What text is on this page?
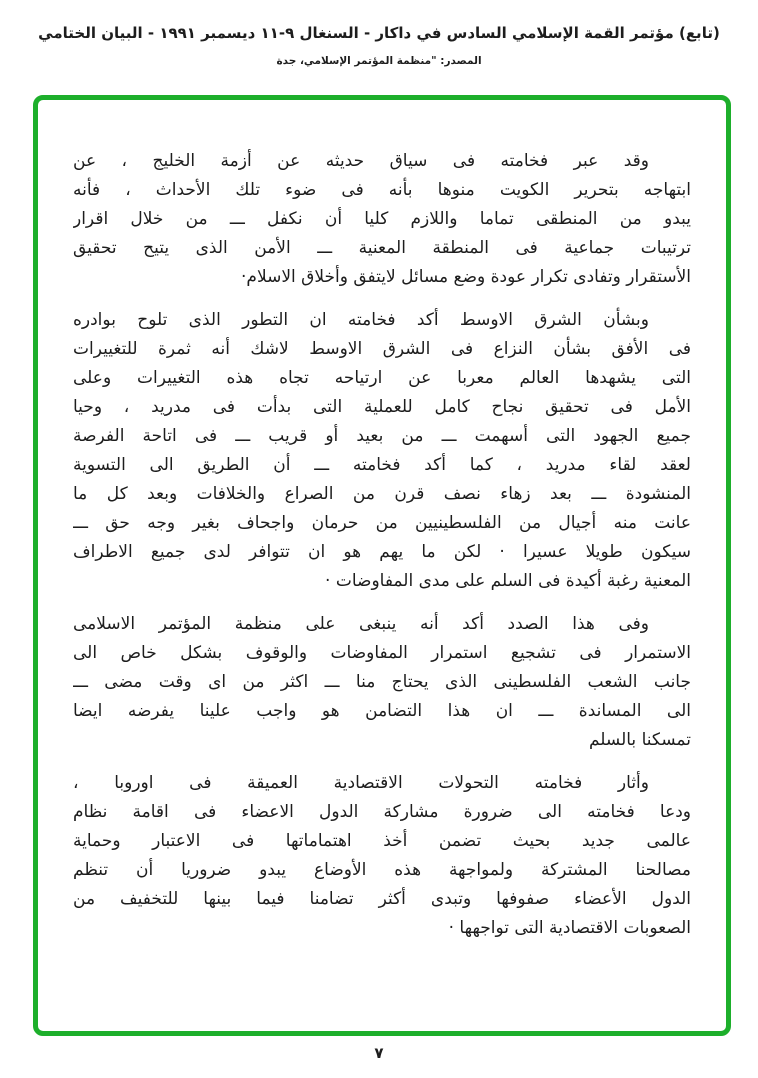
(تابع) مؤتمر القمة الإسلامي السادس في داكار - السنغال ٩-١١ ديسمبر ١٩٩١ - البيان الختامي
المصدر: "منظمة المؤتمر الإسلامي، جدة
وقد عبر فخامته فى سياق حديثه عن أزمة الخليج ، عن
ابتهاجه بتحرير الكويت منوها بأنه فى ضوء تلك الأحداث ، فأنه
يبدو من المنطقى تماما واللازم كليا أن نكفل ـــ من خلال اقرار
ترتيبات جماعية فى المنطقة المعنية ـــ الأمن الذى يتيح تحقيق
الأستقرار وتفادى تكرار عودة وضع مسائل لايتفق وأخلاق الاسلام·
وبشأن الشرق الاوسط أكد فخامته ان التطور الذى تلوح بوادره
فى الأفق بشأن النزاع فى الشرق الاوسط لاشك أنه ثمرة للتغييرات
التى يشهدها العالم معربا عن ارتياحه تجاه هذه التغييرات وعلى
الأمل فى تحقيق نجاح كامل للعملية التى بدأت فى مدريد ، وحيا
جميع الجهود التى أسهمت ـــ من بعيد أو قريب ـــ فى اتاحة الفرصة
لعقد لقاء مدريد ، كما أكد فخامته ـــ أن الطريق الى التسوية
المنشودة ـــ بعد زهاء نصف قرن من الصراع والخلافات وبعد كل ما
عانت منه أجيال من الفلسطينيين من حرمان واجحاف بغير وجه حق ـــ
سيكون طويلا عسيرا · لكن ما يهم هو ان تتوافر لدى جميع الاطراف
المعنية رغبة أكيدة فى السلم على مدى المفاوضات ·
وفى هذا الصدد أكد أنه ينبغى على منظمة المؤتمر الاسلامى
الاستمرار فى تشجيع استمرار المفاوضات والوقوف بشكل خاص الى
جانب الشعب الفلسطينى الذى يحتاج منا ـــ اكثر من اى وقت مضى ـــ
الى المساندة ـــ ان هذا التضامن هو واجب علينا يفرضه ايضا
تمسكنا بالسلم
وأثار فخامته التحولات الاقتصادية العميقة فى اوروبا ،
ودعا فخامته الى ضرورة مشاركة الدول الاعضاء فى اقامة نظام
عالمى جديد بحيث تضمن أخذ اهتماماتها فى الاعتبار وحماية
مصالحنا المشتركة ولمواجهة هذه الأوضاع يبدو ضروريا أن تنظم
الدول الأعضاء صفوفها وتبدى أكثر تضامنا فيما بينها للتخفيف من
الصعوبات الاقتصادية التى تواجهها ·
٧
